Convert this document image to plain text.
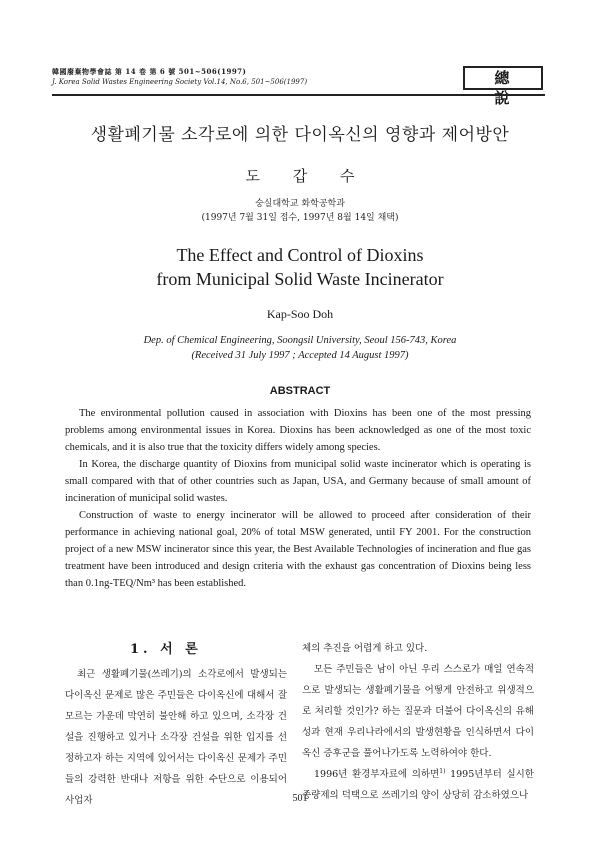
韓國廢棄物學會誌 第 14 卷 第 6 號 501~506(1997)
J. Korea Solid Wastes Engineering Society Vol.14, No.6, 501~506(1997)	總 說
생활폐기물 소각로에 의한 다이옥신의 영향과 제어방안
도 갑 수
숭실대학교 화학공학과
(1997년 7월 31일 접수, 1997년 8월 14일 채택)
The Effect and Control of Dioxins
from Municipal Solid Waste Incinerator
Kap-Soo Doh
Dep. of Chemical Engineering, Soongsil University, Seoul 156-743, Korea
(Received 31 July 1997 ; Accepted 14 August 1997)
ABSTRACT

The environmental pollution caused in association with Dioxins has been one of the most pressing problems among environmental issues in Korea. Dioxins has been acknowledged as one of the most toxic chemicals, and it is also true that the toxicity differs widely among species.

In Korea, the discharge quantity of Dioxins from municipal solid waste incinerator which is operating is small compared with that of other countries such as Japan, USA, and Germany because of small amount of incineration of municipal solid wastes.

Construction of waste to energy incinerator will be allowed to proceed after consideration of their performance in achieving national goal, 20% of total MSW generated, until FY 2001. For the construction project of a new MSW incinerator since this year, the Best Available Technologies of incineration and flue gas treatment have been introduced and design criteria with the exhaust gas concentration of Dioxins being less than 0.1ng-TEQ/Nm³ has been established.

1. 서 론

최근 생활폐기물(쓰레기)의 소각로에서 발생되는 다이옥신 문제로 많은 주민들은 다이옥신에 대해서 잘 모르는 가운데 막연히 불안해 하고 있으며, 소각장 건설을 진행하고 있거나 소각장 건설을 위한 입지를 선정하고자 하는 지역에 있어서는 다이옥신 문제가 주민들의 강력한 반대나 저항을 위한 수단으로 이용되어 사업자

체의 추진을 어렵게 하고 있다.

모든 주민들은 남이 아닌 우리 스스로가 매일 연속적으로 발생되는 생활폐기물을 어떻게 안전하고 위생적으로 처리할 것인가? 하는 질문과 더불어 다이옥신의 유해성과 현재 우리나라에서의 발생현황을 인식하면서 다이옥신 증후군을 풀어나가도록 노력하여야 한다.

1996년 환경부자료에 의하면$^{1)}$ 1995년부터 실시한 종량제의 덕택으로 쓰레기의 양이 상당히 감소하였으나

501
